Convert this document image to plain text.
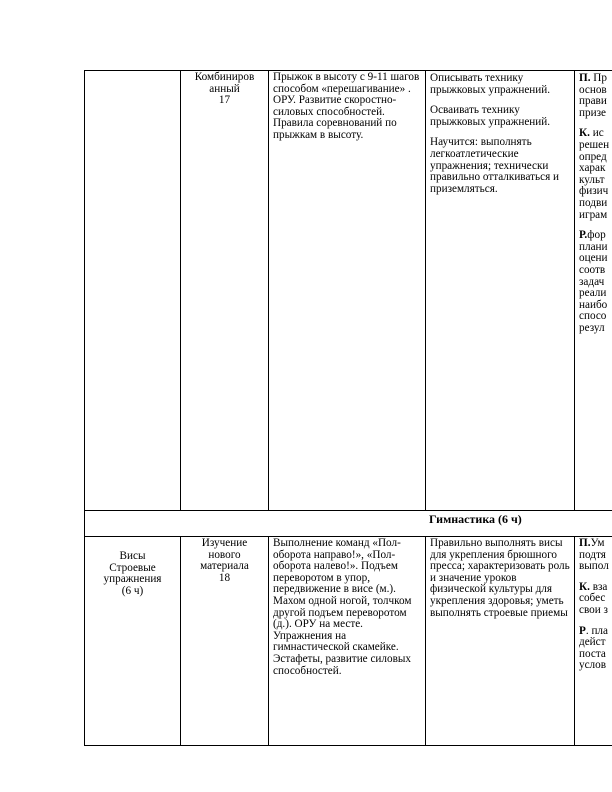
Комбиниров
анный
17
Прыжок в высоту с 9-11 шагов способом «перешагивание» . ОРУ. Развитие скоростно-силовых способностей. Правила соревнований по прыжкам в высоту.

Описывать технику прыжковых упражнений.

Осваивать технику прыжковых упражнений.

Научится: выполнять легкоатлетические упражнения; технически правильно отталкиваться и приземляться.

П. Пр
основ
прави
призе

К. ис
решен
опред
харак
культ
физич
подви
играм

Р.фор
плани
оцени
соотв
задач
реали
наибо
спосо
резул

Гимнастика (6 ч)
Висы
Строевые
упражнения
(6 ч)
Изучение
нового
материала
18
Выполнение команд «Пол-оборота направо!», «Пол-оборота налево!». Подъем переворотом в упор, передвижение в висе (м.). Махом одной ногой, толчком другой подъем переворотом (д.). ОРУ на месте. Упражнения на гимнастической скамейке. Эстафеты, развитие силовых способностей.
Правильно выполнять висы для укрепления брюшного пресса; характеризовать роль и значение уроков физической культуры для укрепления здоровья; уметь выполнять строевые приемы

П.Ум
подтя
выпол

К. вза
собес
свои з

Р. пла
дейст
поста
услов
